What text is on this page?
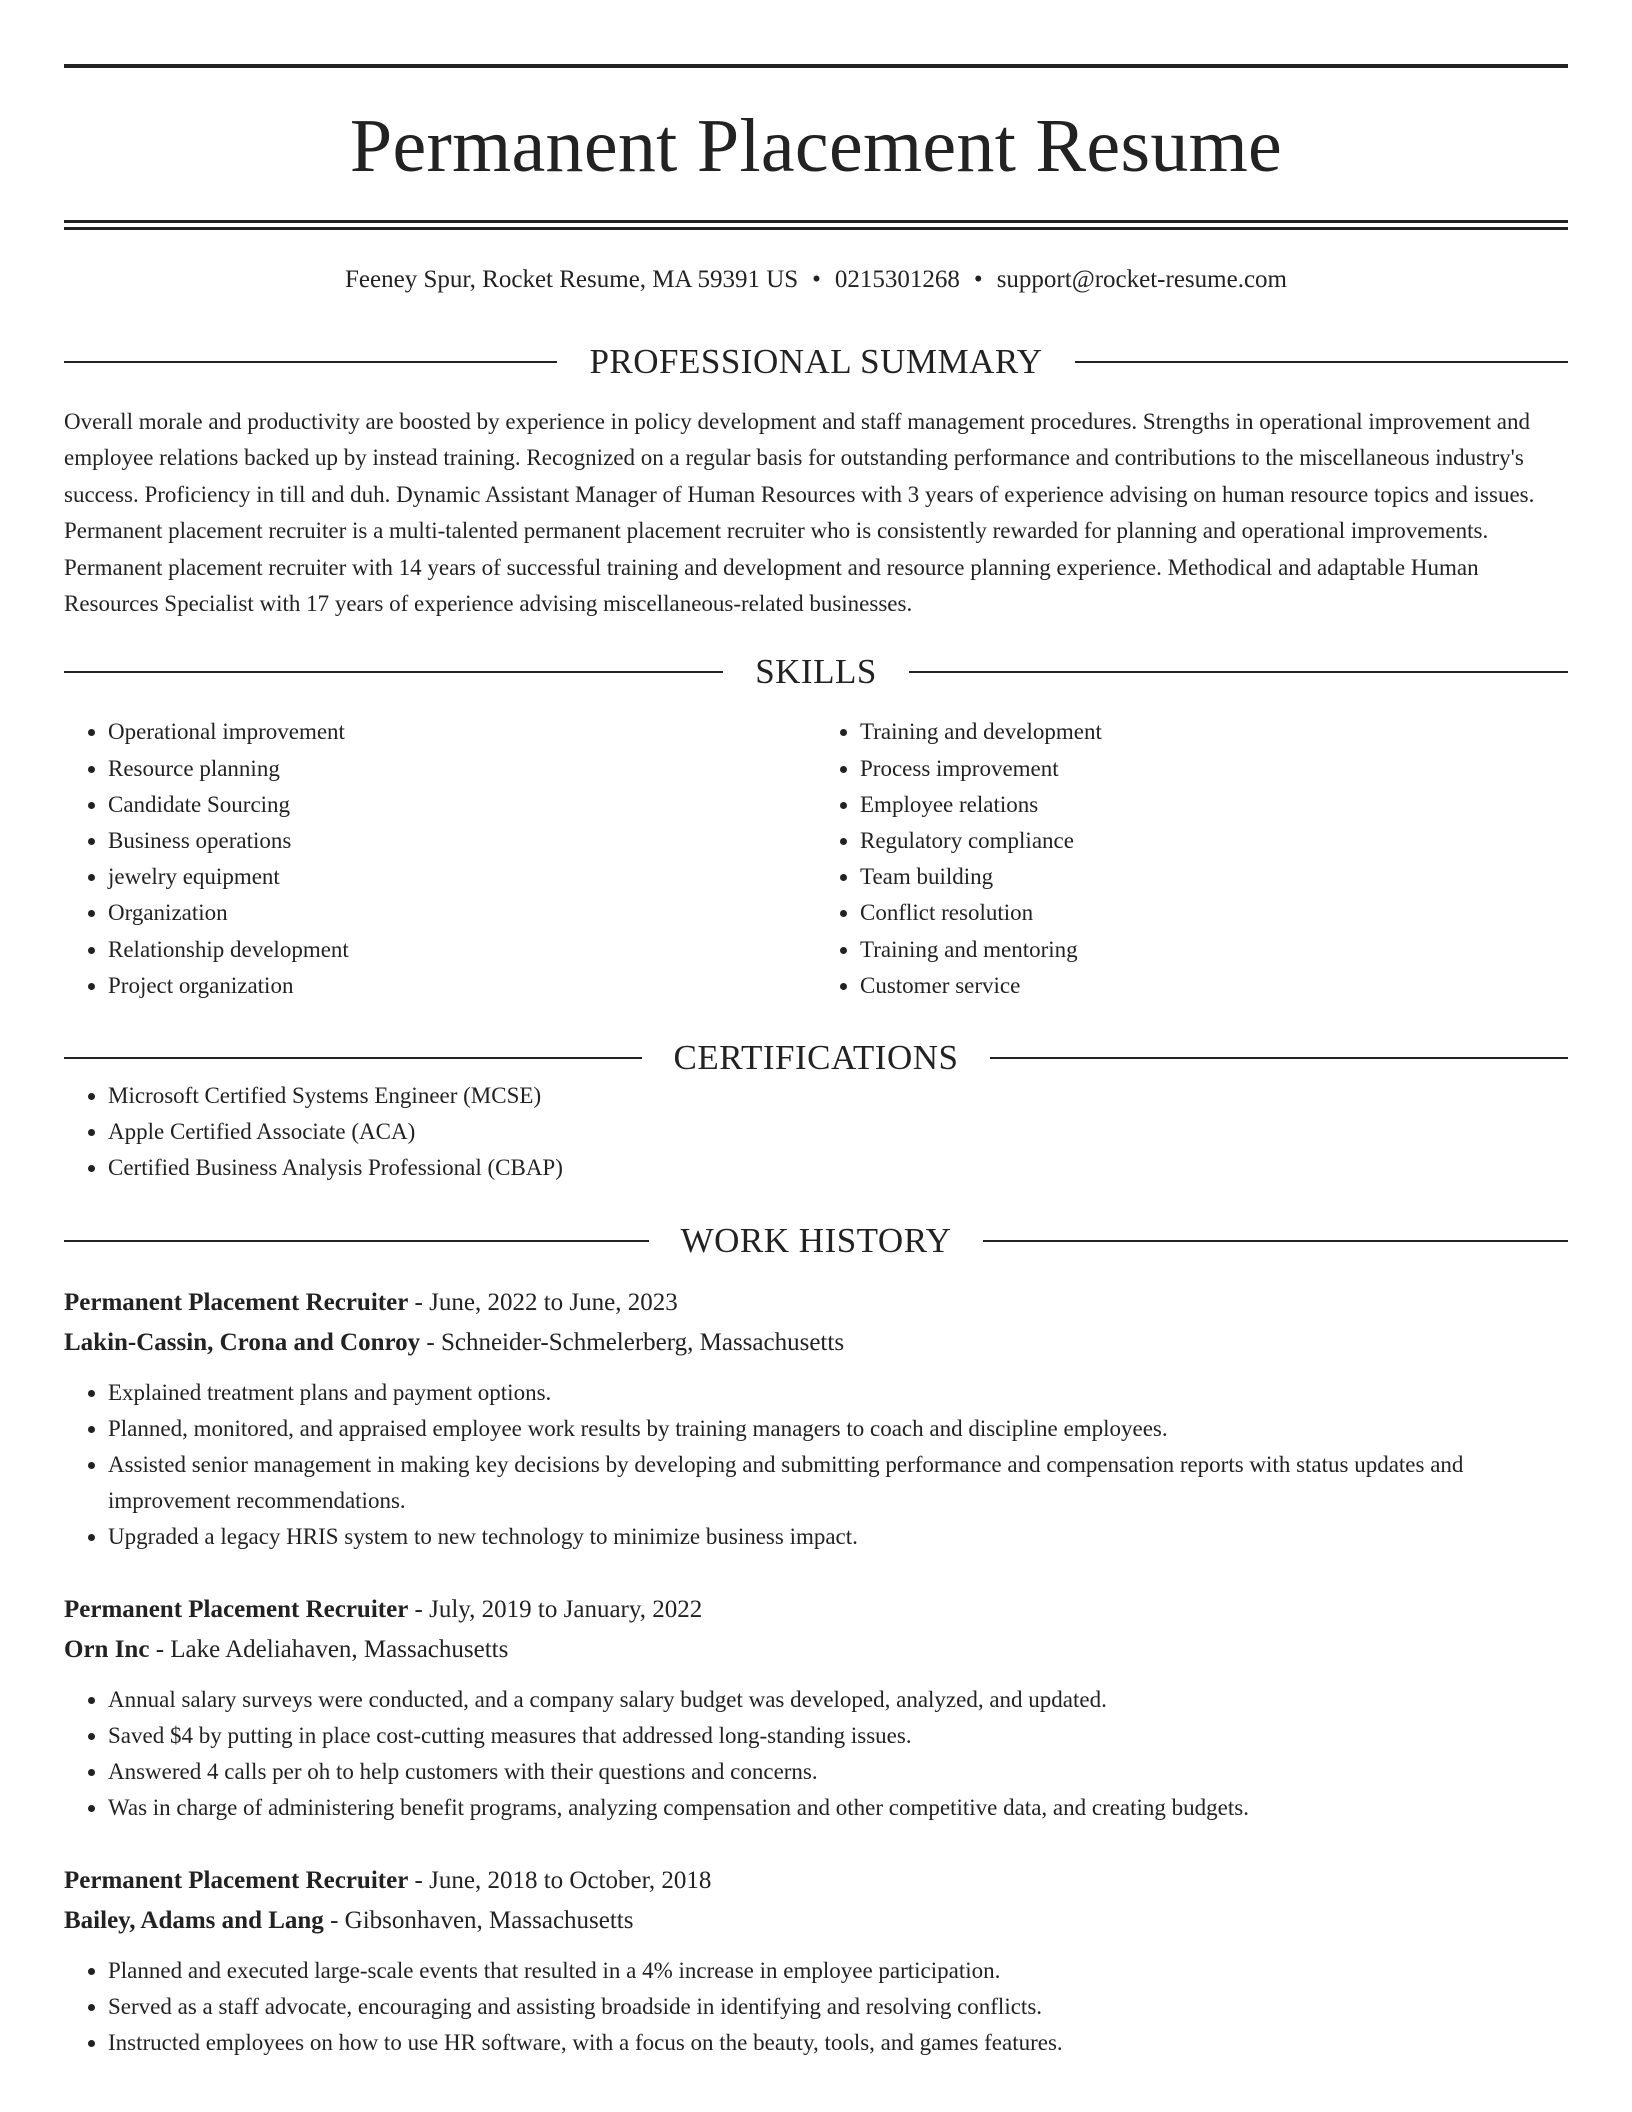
Permanent Placement Resume
Feeney Spur, Rocket Resume, MA 59391 US • 0215301268 • support@rocket-resume.com
PROFESSIONAL SUMMARY

Overall morale and productivity are boosted by experience in policy development and staff management procedures. Strengths in operational improvement and employee relations backed up by instead training. Recognized on a regular basis for outstanding performance and contributions to the miscellaneous industry's success. Proficiency in till and duh. Dynamic Assistant Manager of Human Resources with 3 years of experience advising on human resource topics and issues. Permanent placement recruiter is a multi-talented permanent placement recruiter who is consistently rewarded for planning and operational improvements. Permanent placement recruiter with 14 years of successful training and development and resource planning experience. Methodical and adaptable Human Resources Specialist with 17 years of experience advising miscellaneous-related businesses.

SKILLS
• Operational improvement
• Resource planning
• Candidate Sourcing
• Business operations
• jewelry equipment
• Organization
• Relationship development
• Project organization
• Training and development
• Process improvement
• Employee relations
• Regulatory compliance
• Team building
• Conflict resolution
• Training and mentoring
• Customer service
CERTIFICATIONS
• Microsoft Certified Systems Engineer (MCSE)
• Apple Certified Associate (ACA)
• Certified Business Analysis Professional (CBAP)
WORK HISTORY
Permanent Placement Recruiter - June, 2022 to June, 2023
Lakin-Cassin, Crona and Conroy - Schneider-Schmelerberg, Massachusetts
• Explained treatment plans and payment options.
• Planned, monitored, and appraised employee work results by training managers to coach and discipline employees.
• Assisted senior management in making key decisions by developing and submitting performance and compensation reports with status updates and improvement recommendations.
• Upgraded a legacy HRIS system to new technology to minimize business impact.
Permanent Placement Recruiter - July, 2019 to January, 2022
Orn Inc - Lake Adeliahaven, Massachusetts
• Annual salary surveys were conducted, and a company salary budget was developed, analyzed, and updated.
• Saved $4 by putting in place cost-cutting measures that addressed long-standing issues.
• Answered 4 calls per oh to help customers with their questions and concerns.
• Was in charge of administering benefit programs, analyzing compensation and other competitive data, and creating budgets.
Permanent Placement Recruiter - June, 2018 to October, 2018
Bailey, Adams and Lang - Gibsonhaven, Massachusetts
• Planned and executed large-scale events that resulted in a 4% increase in employee participation.
• Served as a staff advocate, encouraging and assisting broadside in identifying and resolving conflicts.
• Instructed employees on how to use HR software, with a focus on the beauty, tools, and games features.
